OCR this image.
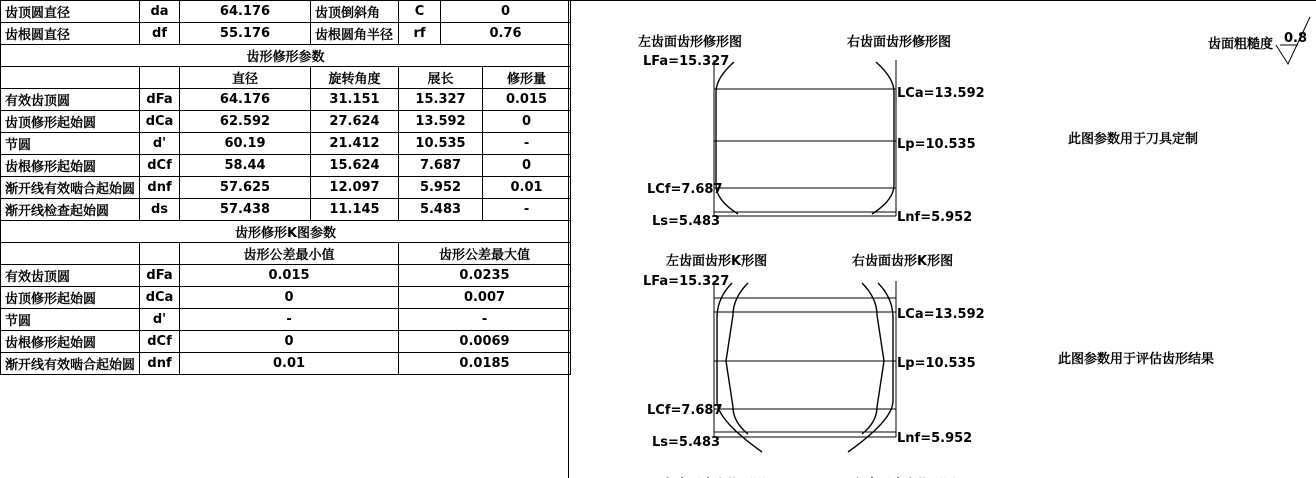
齿顶圆直径	da	64.176	齿顶倒斜角	C	0	
齿根圆直径	df	55.176	齿根圆角半径	rf	0.76	
齿形修形参数						
		直径	旋转角度	展长		修形量
有效齿顶圆	dFa	64.176	31.151	15.327		0.015
齿顶修形起始圆	dCa	62.592	27.624	13.592		0
节圆	d'	60.19	21.412	10.535		-
齿根修形起始圆	dCf	58.44	15.624	7.687		0
渐开线有效啮合起始圆	dnf	57.625	12.097	5.952		0.01
渐开线检查起始圆	ds	57.438	11.145	5.483		-
齿形修形K图参数						
		齿形公差最小值		齿形公差最大值		
有效齿顶圆	dFa	0.015		0.0235		
齿顶修形起始圆	dCa	0		0.007		
节圆	d'	-		-		
齿根修形起始圆	dCf	0		0.0069		
渐开线有效啮合起始圆	dnf	0.01		0.0185		
左齿面齿形修形图	右齿面齿形修形图
LFa=15.327
LCa=13.592
Lp=10.535
LCf=7.687
Lnf=5.952
Ls=5.483
此图参数用于刀具定制
左齿面齿形K形图	右齿面齿形K形图
LFa=15.327
LCa=13.592
Lp=10.535
LCf=7.687
Lnf=5.952
Ls=5.483
此图参数用于评估齿形结果
齿面粗糙度 0.8
